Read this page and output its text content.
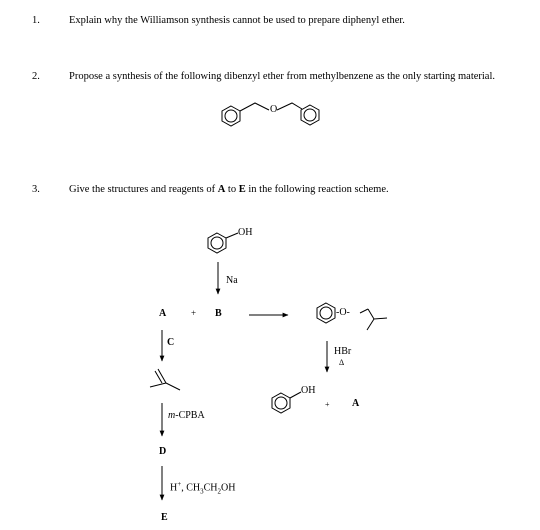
1.	Explain why the Williamson synthesis cannot be used to prepare diphenyl ether.
2.	Propose a synthesis of the following dibenzyl ether from methylbenzene as the only starting material.
3.	Give the structures and reagents of A to E in the following reaction scheme.
O
OH
-O-
OH
Na
A	+ B
C
HBr
Δ
+ A
m-CPBA
D
H+, $CH_3CH_2OH$
E
